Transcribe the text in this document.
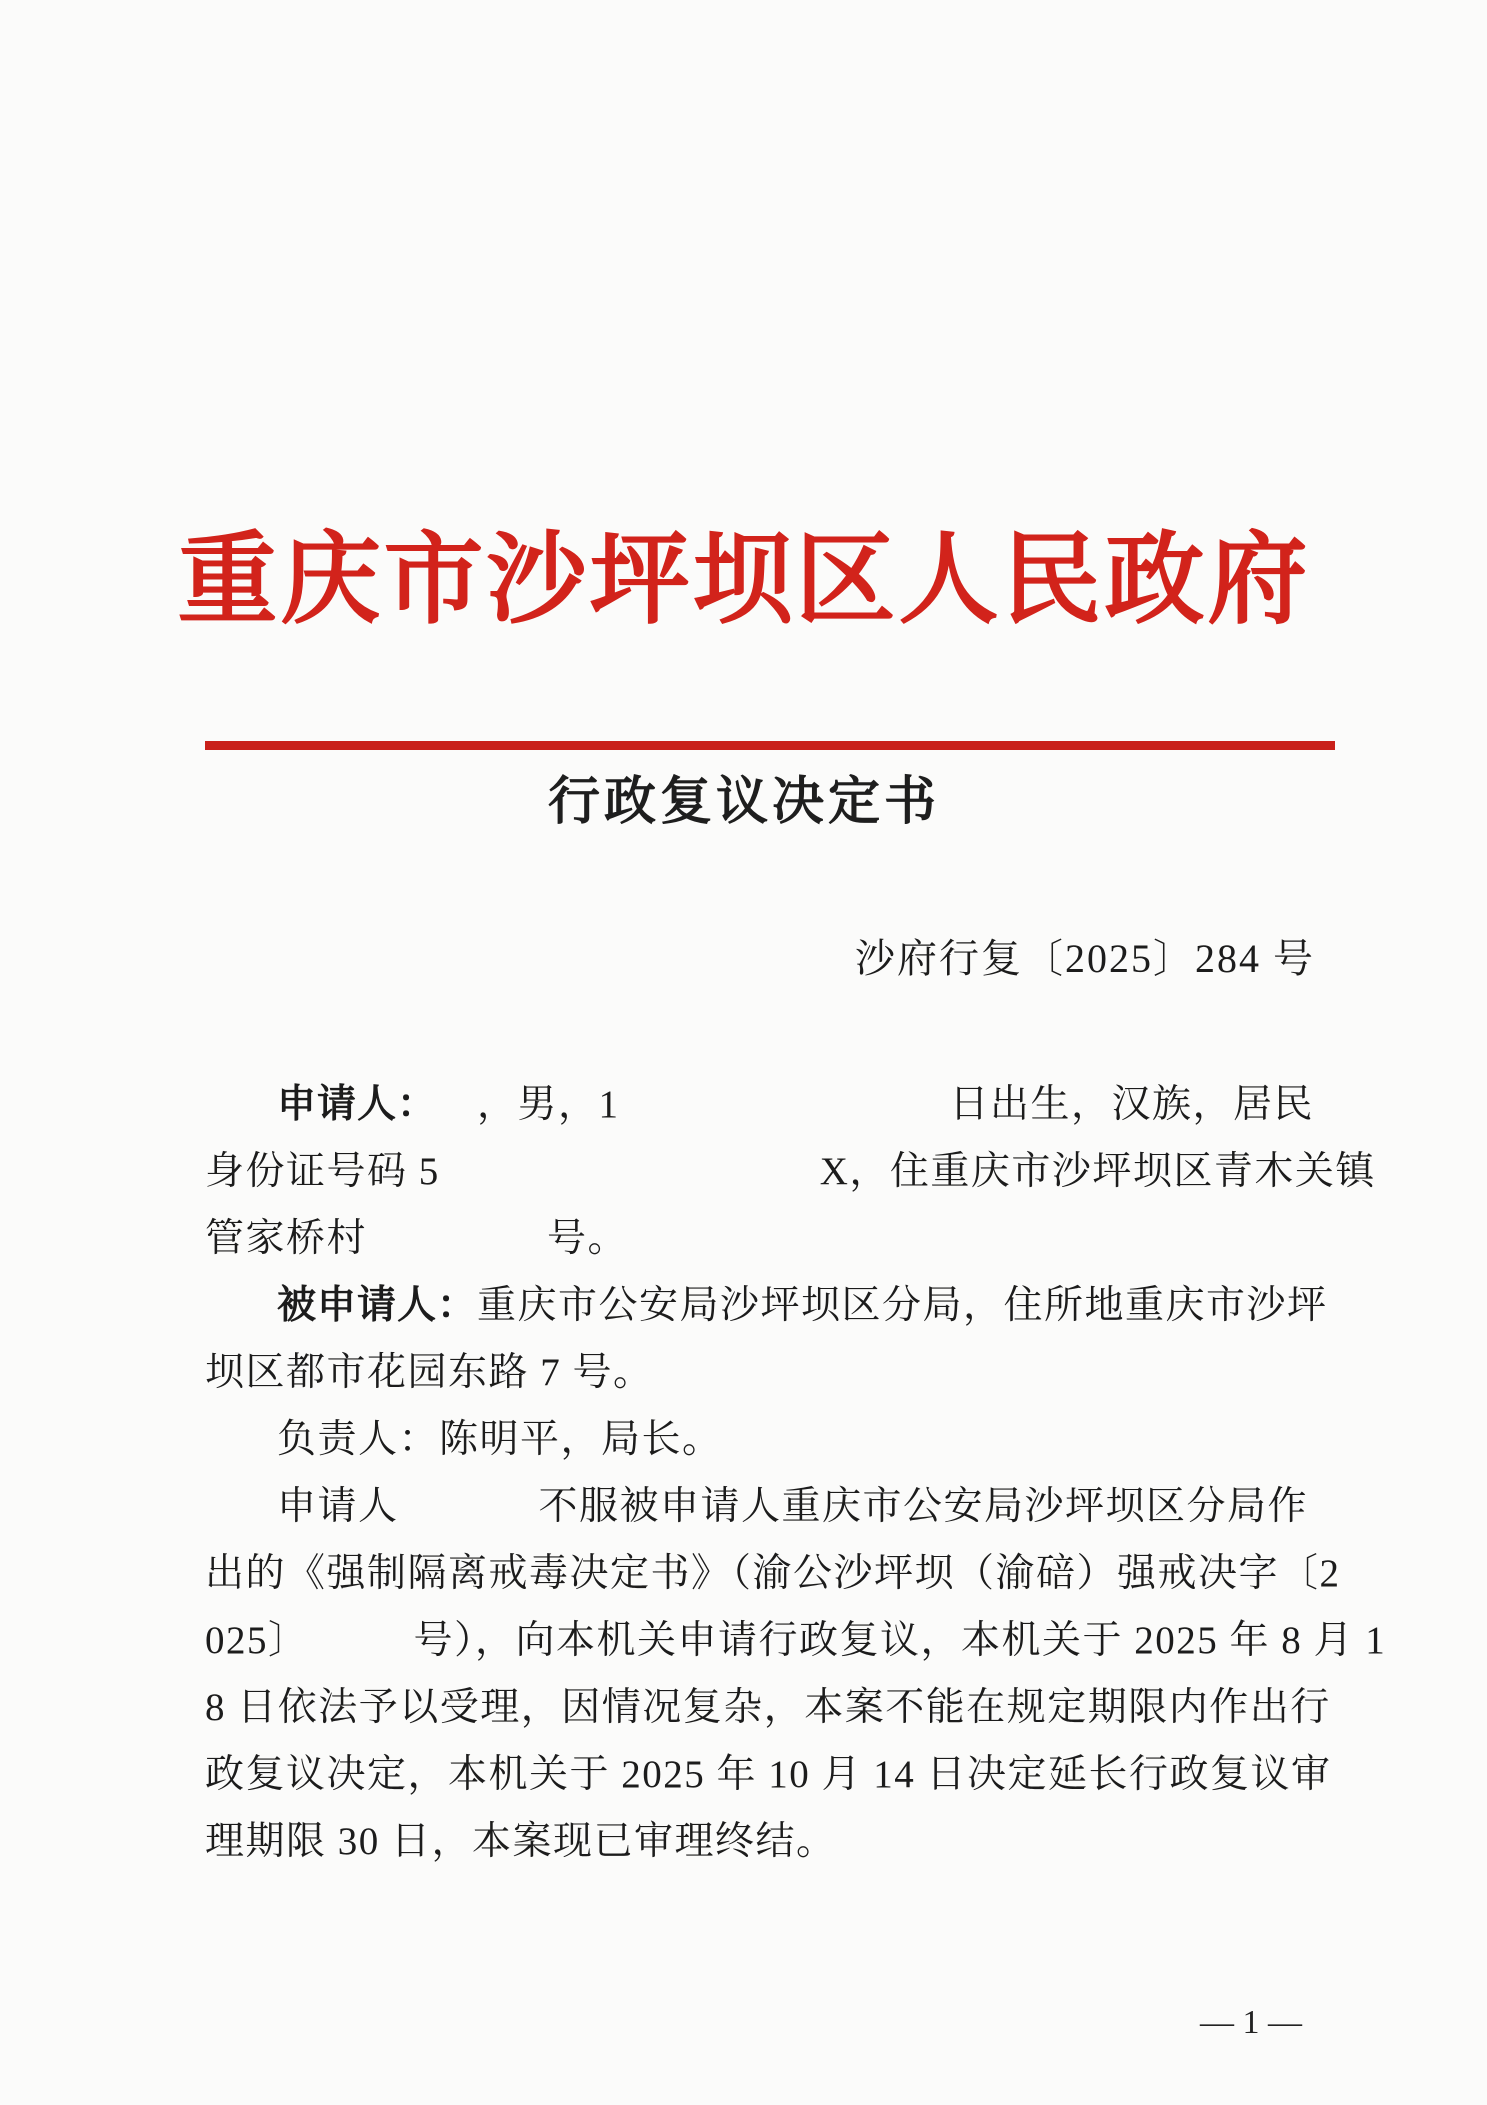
重庆市沙坪坝区人民政府
行政复议决定书
沙府行复〔2025〕284 号
申请人： ，男，1	日出生，汉族，居民
身份证号码 5	X，住重庆市沙坪坝区青木关镇
管家桥村	号。
被申请人：重庆市公安局沙坪坝区分局，住所地重庆市沙坪
坝区都市花园东路 7 号。
负责人：陈明平，局长。
申请人	不服被申请人重庆市公安局沙坪坝区分局作
出的《强制隔离戒毒决定书》（渝公沙坪坝（渝碚）强戒决字〔2
025〕	号），向本机关申请行政复议，本机关于 2025 年 8 月 1
8 日依法予以受理，因情况复杂，本案不能在规定期限内作出行
政复议决定，本机关于 2025 年 10 月 14 日决定延长行政复议审
理期限 30 日，本案现已审理终结。
— 1 —
